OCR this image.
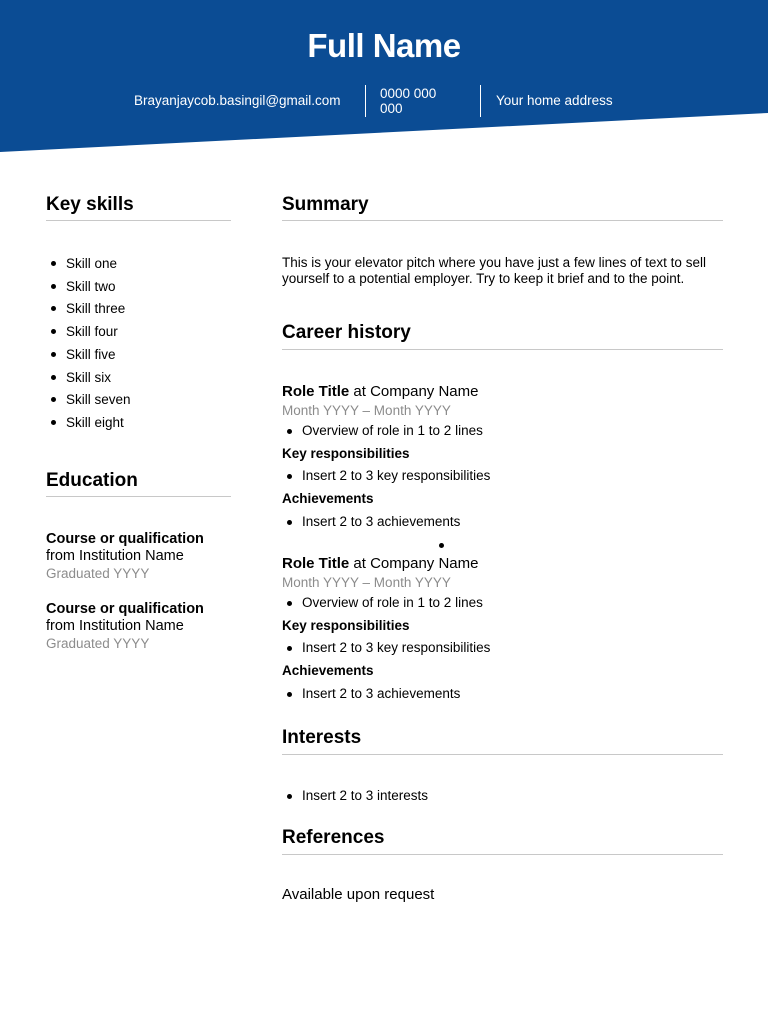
Full Name
Brayanjaycob.basingil@gmail.com	0000 000 000
Your home address
Key skills
Skill one
Skill two
Skill three
Skill four
Skill five
Skill six
Skill seven
Skill eight
Education
Course or qualification
from Institution Name
Graduated YYYY
Course or qualification
from Institution Name
Graduated YYYY
Summary
This is your elevator pitch where you have just a few lines of text to sell yourself to a potential employer. Try to keep it brief and to the point.
Career history
Role Title at Company Name
Month YYYY – Month YYYY
Overview of role in 1 to 2 lines
Key responsibilities
Insert 2 to 3 key responsibilities
Achievements
Insert 2 to 3 achievements
Role Title at Company Name
Month YYYY – Month YYYY
Overview of role in 1 to 2 lines
Key responsibilities
Insert 2 to 3 key responsibilities
Achievements
Insert 2 to 3 achievements
Interests
Insert 2 to 3 interests
References
Available upon request
